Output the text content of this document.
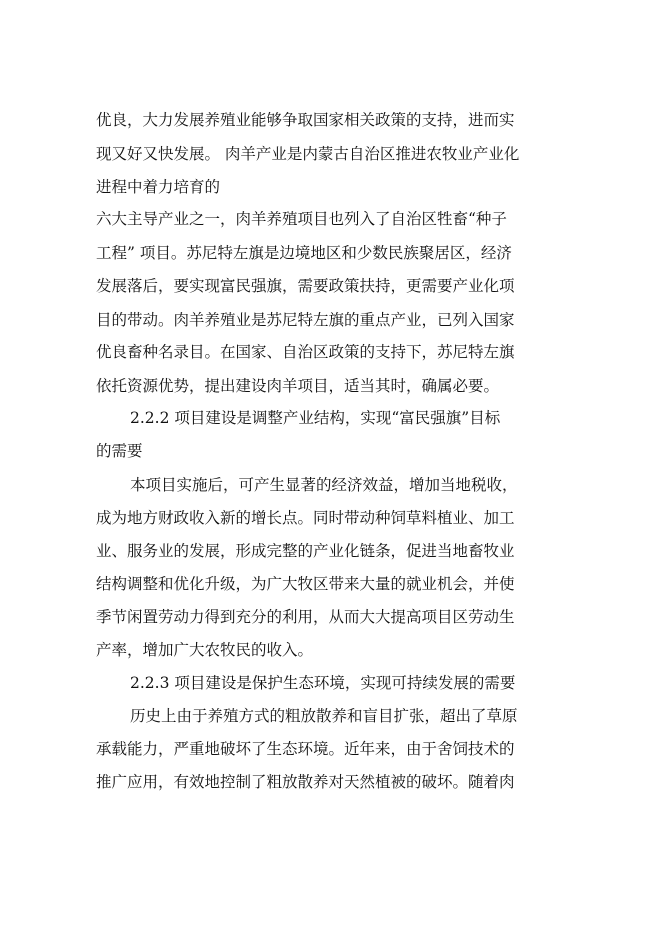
优良，大力发展养殖业能够争取国家相关政策的支持，进而实
现又好又快发展。 肉羊产业是内蒙古自治区推进农牧业产业化
进程中着力培育的
六大主导产业之一，肉羊养殖项目也列入了自治区牲畜“种子
工程” 项目。苏尼特左旗是边境地区和少数民族聚居区，经济
发展落后，要实现富民强旗，需要政策扶持，更需要产业化项
目的带动。肉羊养殖业是苏尼特左旗的重点产业，已列入国家
优良畜种名录目。在国家、自治区政策的支持下，苏尼特左旗
依托资源优势，提出建设肉羊项目，适当其时，确属必要。
2.2.2 项目建设是调整产业结构，实现“富民强旗”目标
的需要
本项目实施后，可产生显著的经济效益，增加当地税收，
成为地方财政收入新的增长点。同时带动种饲草料植业、加工
业、服务业的发展，形成完整的产业化链条，促进当地畜牧业
结构调整和优化升级，为广大牧区带来大量的就业机会，并使
季节闲置劳动力得到充分的利用，从而大大提高项目区劳动生
产率，增加广大农牧民的收入。
2.2.3 项目建设是保护生态环境，实现可持续发展的需要
历史上由于养殖方式的粗放散养和盲目扩张，超出了草原
承载能力，严重地破坏了生态环境。近年来，由于舍饲技术的
推广应用，有效地控制了粗放散养对天然植被的破坏。随着肉
